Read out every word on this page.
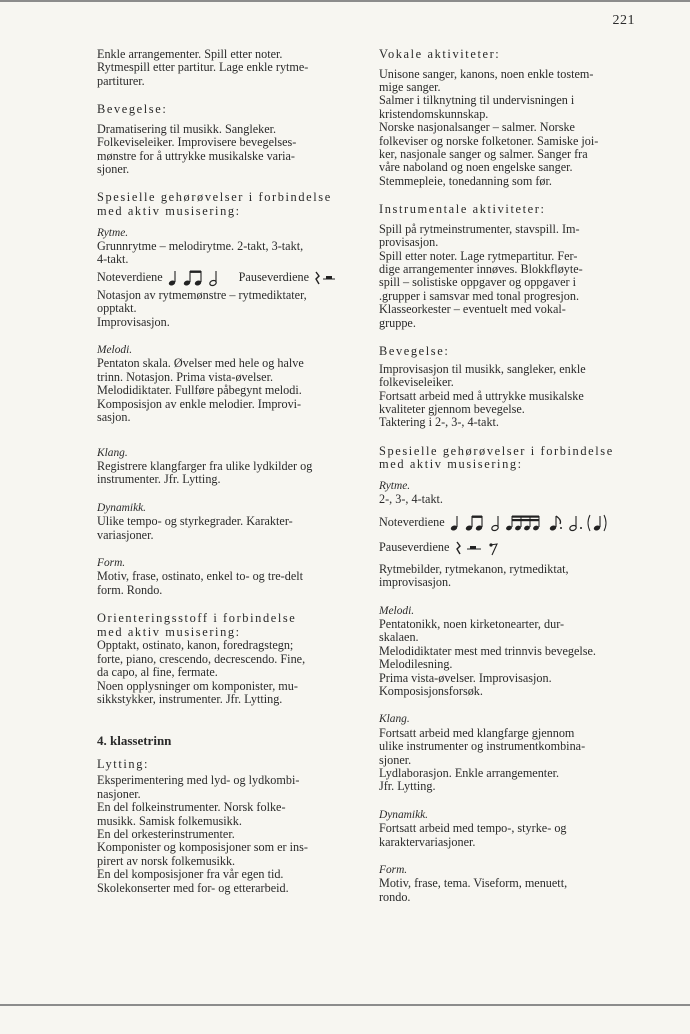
221
Enkle arrangementer. Spill etter noter.
Rytmespill etter partitur. Lage enkle rytme-
partiturer.
Bevegelse:
Dramatisering til musikk. Sangleker.
Folkeviseleiker. Improvisere bevegelses-
mønstre for å uttrykke musikalske varia-
sjoner.
Spesielle gehørøvelser i forbindelse
med aktiv musisering:
Rytme.
Grunnrytme – melodirytme. 2-takt, 3-takt,
4-takt.
Noteverdiene	Pauseverdiene
Notasjon av rytmemønstre – rytmediktater,
opptakt.
Improvisasjon.
Melodi.
Pentaton skala. Øvelser med hele og halve
trinn. Notasjon. Prima vista-øvelser.
Melodidiktater. Fullføre påbegynt melodi.
Komposisjon av enkle melodier. Improvi-
sasjon.
Klang.
Registrere klangfarger fra ulike lydkilder og
instrumenter. Jfr. Lytting.
Dynamikk.
Ulike tempo- og styrkegrader. Karakter-
variasjoner.
Form.
Motiv, frase, ostinato, enkel to- og tre-delt
form. Rondo.
Orienteringsstoff i forbindelse
med aktiv musisering:
Opptakt, ostinato, kanon, foredragstegn;
forte, piano, crescendo, decrescendo. Fine,
da capo, al fine, fermate.
Noen opplysninger om komponister, mu-
sikkstykker, instrumenter. Jfr. Lytting.
4. klassetrinn
Lytting:
Eksperimentering med lyd- og lydkombi-
nasjoner.
En del folkeinstrumenter. Norsk folke-
musikk. Samisk folkemusikk.
En del orkesterinstrumenter.
Komponister og komposisjoner som er ins-
pirert av norsk folkemusikk.
En del komposisjoner fra vår egen tid.
Skolekonserter med for- og etterarbeid.
Vokale aktiviteter:
Unisone sanger, kanons, noen enkle tostem-
mige sanger.
Salmer i tilknytning til undervisningen i
kristendomskunnskap.
Norske nasjonalsanger – salmer. Norske
folkeviser og norske folketoner. Samiske joi-
ker, nasjonale sanger og salmer. Sanger fra
våre naboland og noen engelske sanger.
Stemmepleie, tonedanning som før.
Instrumentale aktiviteter:
Spill på rytmeinstrumenter, stavspill. Im-
provisasjon.
Spill etter noter. Lage rytmepartitur. Fer-
dige arrangementer innøves. Blokkfløyte-
spill – solistiske oppgaver og oppgaver i
.grupper i samsvar med tonal progresjon.
Klasseorkester – eventuelt med vokal-
gruppe.
Bevegelse:
Improvisasjon til musikk, sangleker, enkle
folkeviseleiker.
Fortsatt arbeid med å uttrykke musikalske
kvaliteter gjennom bevegelse.
Taktering i 2-, 3-, 4-takt.
Spesielle gehørøvelser i forbindelse
med aktiv musisering:
Rytme.
2-, 3-, 4-takt.
Noteverdiene
Pauseverdiene
Rytmebilder, rytmekanon, rytmediktat,
improvisasjon.
Melodi.
Pentatonikk, noen kirketonearter, dur-
skalaen.
Melodidiktater mest med trinnvis bevegelse.
Melodilesning.
Prima vista-øvelser. Improvisasjon.
Komposisjonsforsøk.
Klang.
Fortsatt arbeid med klangfarge gjennom
ulike instrumenter og instrumentkombina-
sjoner.
Lydlaborasjon. Enkle arrangementer.
Jfr. Lytting.
Dynamikk.
Fortsatt arbeid med tempo-, styrke- og
karaktervariasjoner.
Form.
Motiv, frase, tema. Viseform, menuett,
rondo.
